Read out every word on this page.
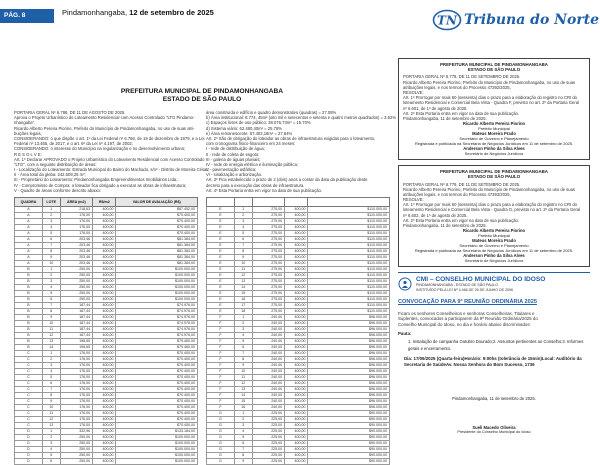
PÁG. 8	Pindamonhangaba, 12 de setembro de 2025
TN Tribuna do Norte
PREFEITURA MUNICIPAL DE PINDAMONHANGABA
ESTADO DE SÃO PAULO
PORTARIA GERAL Nº 6.786, DE 11 DE AGOSTO DE 2025.
Aprova o Projeto Urbanístico do Loteamento Residencial com Acesso Controlado "LTG Pindamo-
nhangaba".
Ricardo Alberto Pereira Piorino, Prefeito do Município de Pindamonhangaba, no uso de suas atri-
buições legais,
CONSIDERANDO: o que dispõe o art. 1º da Lei Federal nº 6.766, de 19 de dezembro de 1979, e a Lei
Federal nº 13.465, de 2017, e o art. 6º da Lei nº 4.197, de 2002;
CONSIDERANDO: o interesse do Município na regularização e no desenvolvimento urbano;
R E S O L V E:
Art. 1º Declarar APROVADO o Projeto Urbanístico do Loteamento Residencial com Acesso Controlado
"LTG", com a seguinte distribuição de áreas:
I - Localização do Loteamento: Estrada Municipal do Bairro do Machado, s/nº - Distrito de Moreira César;
II - Área total da gleba: 242.509,25 m²;
III - Proprietário do Loteamento: Pindamonhangaba Empreendimentos Imobiliários Ltda.;
IV - Compromisso de Compra: o loteador fica obrigado a executar as obras de infraestrutura;
V - Quadro de áreas conforme descrito abaixo:
área construída e edifício e quadro demonstrativo (quadras) = 27.08%
b) Área institucional: 8.774, 45m² (oito mil e setecentos e setenta e quatro metros quadrados) = 3.62%
c) Espaços livres de uso público: 38.076,73m² = 15.70%
d) Sistema viário: 62.480,40m² = 25.76%
e) Área remanescente: 67.402,18m² = 27.84%
Art. 2º São de obrigação do loteador as obras de infraestrutura exigidas para o loteamento,
com cronograma físico-financeiro em 24 meses:
I - rede de distribuição de água;
II - rede de coleta de esgoto;
III - galeria de águas pluviais;
IV - rede de energia elétrica e iluminação pública;
V - pavimentação asfáltica;
VI - sinalização e arborização.
Art. 3º Fica estabelecido o prazo de 2 (dois) anos a contar da data da publicação deste
decreto para a execução das obras de infraestrutura.
Art. 4º Esta Portaria entra em vigor na data de sua publicação.
QUADRA	LOTE	ÁREA (m2)	R$/m2	VALOR DE AVALIAÇÃO (R$)
A	1	218,63	400,00	$87.452,00
A	2	176,00	400,00	$70.400,00
A	3	176,00	400,00	$70.400,00
A	4	176,00	400,00	$70.400,00
A	5	176,00	400,00	$70.400,00
A	6	203,46	400,00	$81.384,00
A	7	203,46	400,00	$81.384,00
A	8	203,46	400,00	$81.384,00
A	9	203,46	400,00	$81.384,00
A	10	203,46	400,00	$81.384,00
B	1	250,00	400,00	$100.000,00
B	2	250,00	400,00	$100.000,00
B	3	250,00	400,00	$100.000,00
B	4	250,00	400,00	$100.000,00
B	5	250,00	400,00	$100.000,00
B	6	250,00	400,00	$100.000,00
B	7	187,44	400,00	$74.976,00
B	8	187,44	400,00	$74.976,00
B	9	187,44	400,00	$74.976,00
B	10	187,44	400,00	$74.976,00
B	11	187,44	400,00	$74.976,00
B	12	187,44	400,00	$74.976,00
B	13	198,65	400,00	$79.460,00
B	14	198,65	400,00	$79.460,00
C	1	176,00	400,00	$70.400,00
C	2	176,00	400,00	$70.400,00
C	3	176,00	400,00	$70.400,00
C	4	176,00	400,00	$70.400,00
C	5	176,00	400,00	$70.400,00
C	6	176,00	400,00	$70.400,00
C	7	176,00	400,00	$70.400,00
C	8	176,00	400,00	$70.400,00
C	9	176,00	400,00	$70.400,00
C	10	176,00	400,00	$70.400,00
C	11	176,00	400,00	$70.400,00
C	12	176,00	400,00	$70.400,00
C	13	176,00	400,00	$70.400,00
D	1	332,96	400,00	$133.184,00
D	2	250,00	400,00	$100.000,00
D	3	250,00	400,00	$100.000,00
D	4	250,00	400,00	$100.000,00
D	5	250,00	400,00	$100.000,00
D	6	250,00	400,00	$100.000,00
E	1	275,00	400,00	$110.000,00
E	2	275,00	400,00	$110.000,00
E	3	275,00	400,00	$110.000,00
E	4	275,00	400,00	$110.000,00
E	5	275,00	400,00	$110.000,00
E	6	275,00	400,00	$110.000,00
E	7	275,00	400,00	$110.000,00
E	8	275,00	400,00	$110.000,00
E	9	275,00	400,00	$110.000,00
E	10	275,00	400,00	$110.000,00
E	11	275,00	400,00	$110.000,00
E	12	275,00	400,00	$110.000,00
E	13	275,00	400,00	$110.000,00
E	14	275,00	400,00	$110.000,00
E	15	275,00	400,00	$110.000,00
E	16	275,00	400,00	$110.000,00
E	17	275,00	400,00	$110.000,00
E	18	275,00	400,00	$110.000,00
F	1	240,00	400,00	$96.000,00
F	2	240,00	400,00	$96.000,00
F	3	240,00	400,00	$96.000,00
F	4	240,00	400,00	$96.000,00
F	5	240,00	400,00	$96.000,00
F	6	240,00	400,00	$96.000,00
F	7	240,00	400,00	$96.000,00
F	8	240,00	400,00	$96.000,00
F	9	240,00	400,00	$96.000,00
F	10	240,00	400,00	$96.000,00
F	11	240,00	400,00	$96.000,00
F	12	240,00	400,00	$96.000,00
F	13	240,00	400,00	$96.000,00
F	14	240,00	400,00	$96.000,00
F	15	240,00	400,00	$96.000,00
F	16	240,00	400,00	$96.000,00
G	1	225,00	400,00	$90.000,00
G	2	225,00	400,00	$90.000,00
G	3	225,00	400,00	$90.000,00
G	4	225,00	400,00	$90.000,00
G	5	225,00	400,00	$90.000,00
G	6	225,00	400,00	$90.000,00
G	7	225,00	400,00	$90.000,00
G	8	225,00	400,00	$90.000,00
G	9	225,00	400,00	$90.000,00
PREFEITURA MUNICIPAL DE PINDAMONHANGABA
ESTADO DE SÃO PAULO
PORTARIA GERAL Nº 6.778, DE 11 DE SETEMBRO DE 2025.
Ricardo Alberto Pereira Piorino, Prefeito do Município de Pindamonhangaba, no uso de suas
atribuições legais, e nos termos do Processo 47392/2025,
RESOLVE:
Art. 1º Prorrogar por mais 60 (sessenta) dias o prazo para a elaboração do registro no CRI do
loteamento Residencial e Comercial Bela Vista - Quadra F, previsto no art. 2º da Portaria Geral
nº 6.601, de 1º de agosto de 2025.
Art. 2º Esta Portaria entra em vigor na data de sua publicação.
Pindamonhangaba, 11 de setembro de 2025.
Ricardo Alberto Pereira Piorino
Prefeito Municipal
Mateus Moreira Prado
Secretário de Governo e Planejamento
Registrada e publicada na Secretaria de Negócios Jurídicos em 11 de setembro de 2025.
Anderson Pinho da Silva Alves
Secretário de Negócios Jurídicos
PREFEITURA MUNICIPAL DE PINDAMONHANGABA
ESTADO DE SÃO PAULO
PORTARIA GERAL Nº 6.779, DE 11 DE SETEMBRO DE 2025.
Ricardo Alberto Pereira Piorino, Prefeito do Município de Pindamonhangaba, no uso de suas
atribuições legais, e nos termos do Processo 47393/2025,
RESOLVE:
Art. 1º Prorrogar por mais 60 (sessenta) dias o prazo para a elaboração do registro no CRI do
loteamento Residencial e Comercial Bela Vista - Quadra G, previsto no art. 2º da Portaria Geral
nº 6.602, de 1º de agosto de 2025.
Art. 2º Esta Portaria entra em vigor na data de sua publicação.
Pindamonhangaba, 11 de setembro de 2025.
Ricardo Alberto Pereira Piorino
Prefeito Municipal
Mateus Moreira Prado
Secretário de Governo e Planejamento
Registrada e publicada na Secretaria de Negócios Jurídicos em 11 de setembro de 2025.
Anderson Pinho da Silva Alves
Secretário de Negócios Jurídicos
CMI – CONSELHO MUNICIPAL DO IDOSO
PINDAMONHANGABA - ESTADO DE SÃO PAULO
INSTITUÍDO PELA LEI Nº 4.466 DE 26 DE JUNHO DE 2006
CONVOCAÇÃO PARA 9ª REUNIÃO ORDINÁRIA 2025
Ficam os senhores Conselheiros e senhoras Conselheiras, Titulares e
Suplentes, convocados a participarem da 9ª Reunião Ordinária/2025 do
Conselho Municipal do Idoso, no dia e horário abaixo discriminados:
Pauta:
1. Instalação de campanha Outubro Dourado;2. Assuntos pertinentes ao Conselho;3. Informes gerais e encerramento.
Dia: 17/09/2025 (Quarta-feira)Horário: 9:00hs (tolerância de 15min)Local: Auditório da Secretaria de SaúdeAv. Nossa Senhora do Bom Sucesso, 1736
Pindamonhangaba, 11 de setembro de 2025.
Sueli Macedo Oliveira
Presidente do Conselho Municipal do Idoso
